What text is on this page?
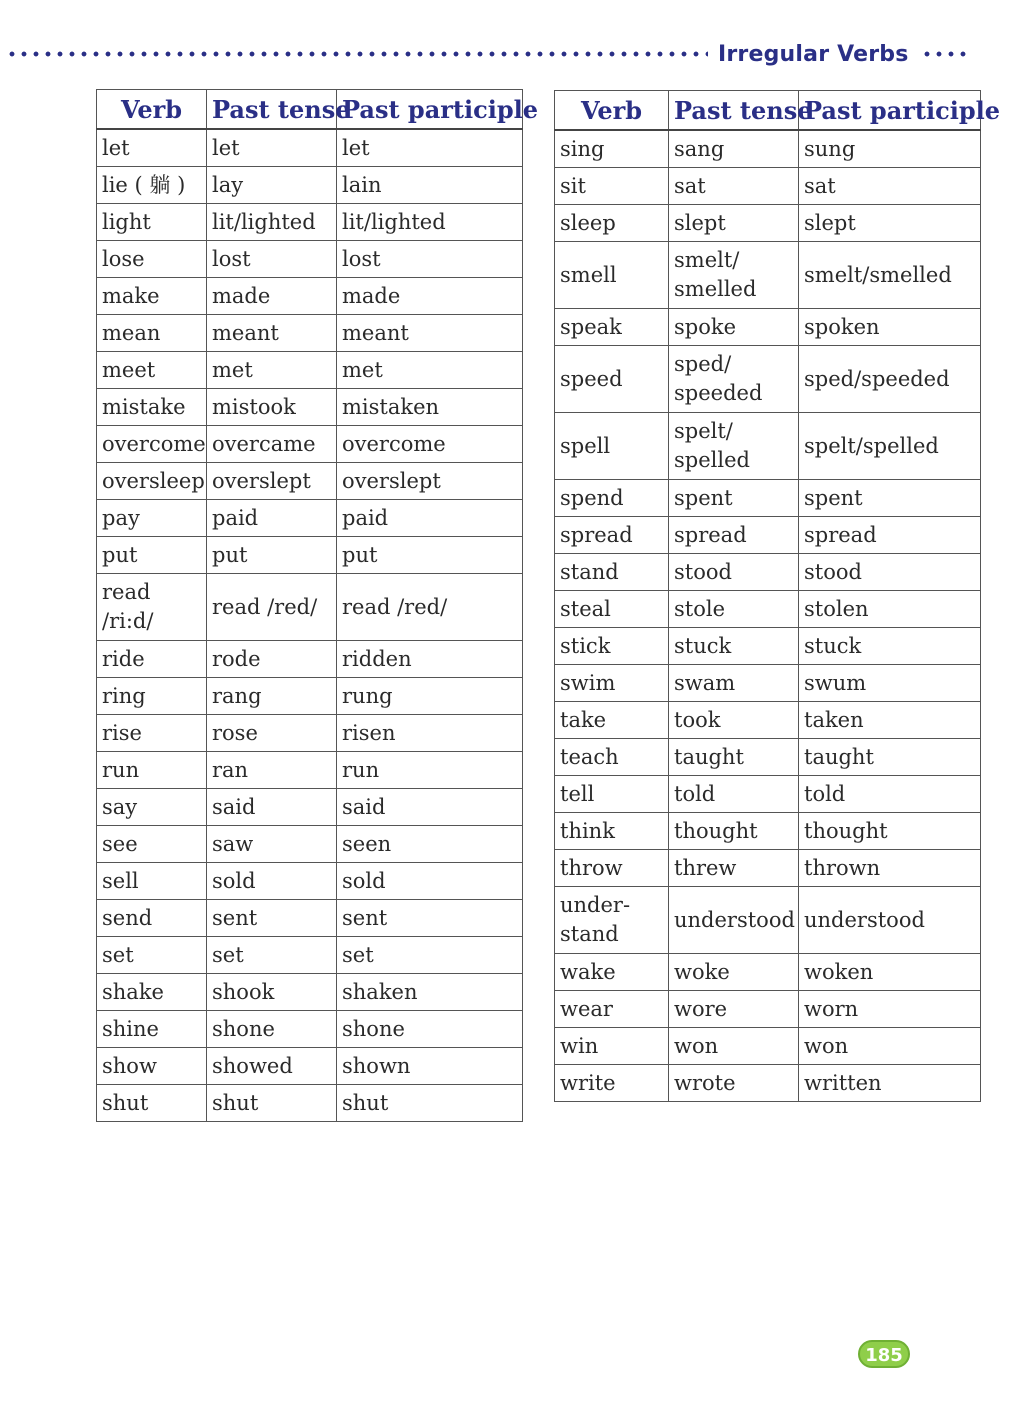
Irregular Verbs
Verb	Past tense	Past participle
let	let	let
lie ( 躺 )	lay	lain
light	lit/lighted	lit/lighted
lose	lost	lost
make	made	made
mean	meant	meant
meet	met	met
mistake	mistook	mistaken
overcome	overcame	overcome
oversleep	overslept	overslept
pay	paid	paid
put	put	put
read /ri:d/	read /red/	read /red/
ride	rode	ridden
ring	rang	rung
rise	rose	risen
run	ran	run
say	said	said
see	saw	seen
sell	sold	sold
send	sent	sent
set	set	set
shake	shook	shaken
shine	shone	shone
show	showed	shown
shut	shut	shut
Verb	Past tense	Past participle
sing	sang	sung
sit	sat	sat
sleep	slept	slept
smell	smelt/ smelled	smelt/smelled
speak	spoke	spoken
speed	sped/ speeded	sped/speeded
spell	spelt/ spelled	spelt/spelled
spend	spent	spent
spread	spread	spread
stand	stood	stood
steal	stole	stolen
stick	stuck	stuck
swim	swam	swum
take	took	taken
teach	taught	taught
tell	told	told
think	thought	thought
throw	threw	thrown
under- stand	understood	understood
wake	woke	woken
wear	wore	worn
win	won	won
write	wrote	written
185
